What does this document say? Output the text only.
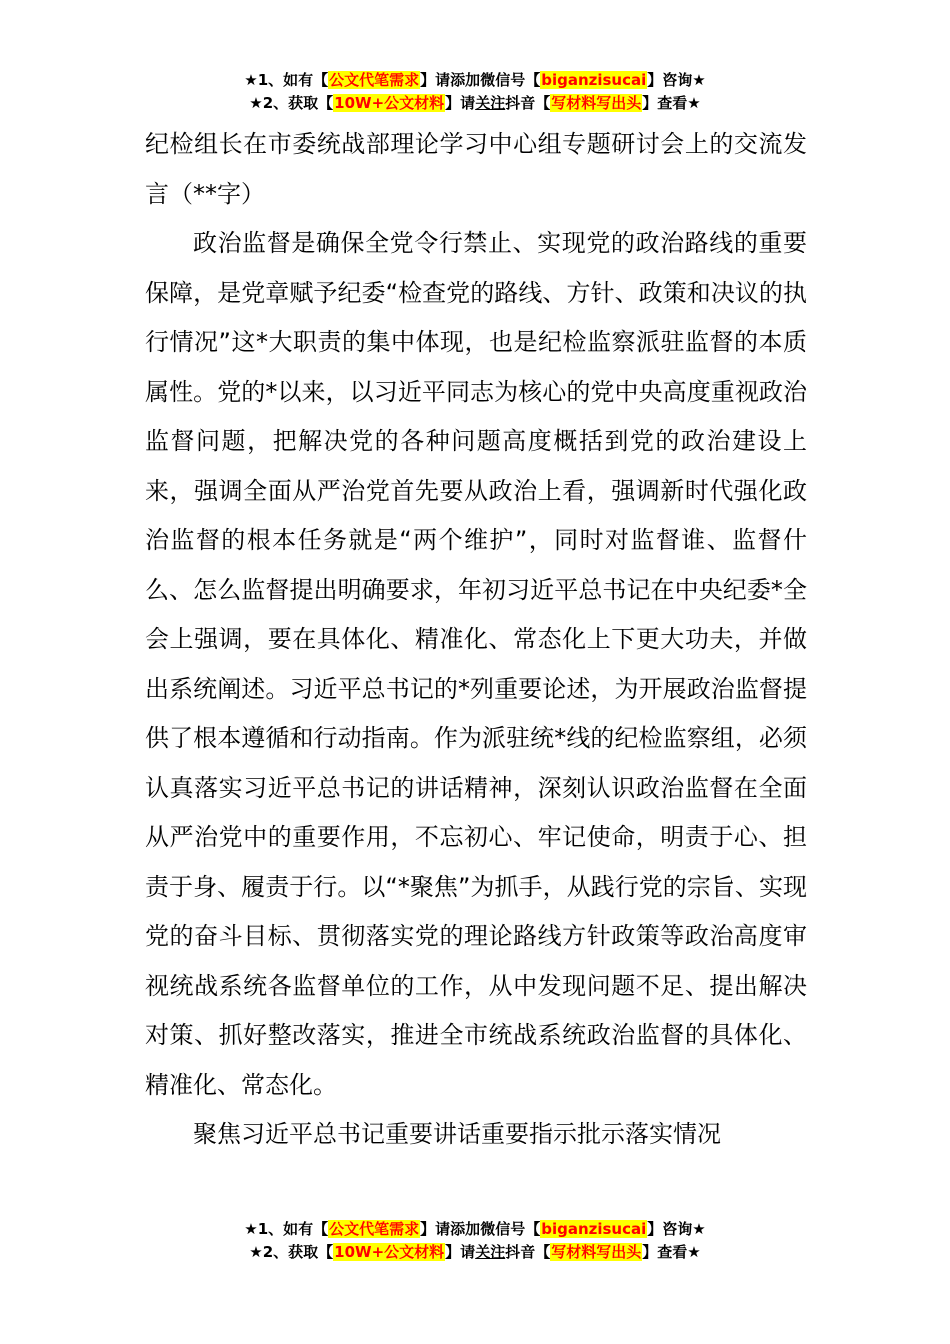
★1、如有【公文代笔需求】请添加微信号【biganzisucai】咨询★
★2、获取【10W+公文材料】请关注抖音【写材料写出头】查看★

纪检组长在市委统战部理论学习中心组专题研讨会上的交流发言（**字）

政治监督是确保全党令行禁止、实现党的政治路线的重要保障，是党章赋予纪委“检查党的路线、方针、政策和决议的执行情况”这*大职责的集中体现，也是纪检监察派驻监督的本质属性。党的*以来，以习近平同志为核心的党中央高度重视政治监督问题，把解决党的各种问题高度概括到党的政治建设上来，强调全面从严治党首先要从政治上看，强调新时代强化政治监督的根本任务就是“两个维护”，同时对监督谁、监督什么、怎么监督提出明确要求，年初习近平总书记在中央纪委*全会上强调，要在具体化、精准化、常态化上下更大功夫，并做出系统阐述。习近平总书记的*列重要论述，为开展政治监督提供了根本遵循和行动指南。作为派驻统*线的纪检监察组，必须认真落实习近平总书记的讲话精神，深刻认识政治监督在全面从严治党中的重要作用，不忘初心、牢记使命，明责于心、担责于身、履责于行。以“*聚焦”为抓手，从践行党的宗旨、实现党的奋斗目标、贯彻落实党的理论路线方针政策等政治高度审视统战系统各监督单位的工作，从中发现问题不足、提出解决对策、抓好整改落实，推进全市统战系统政治监督的具体化、精准化、常态化。

聚焦习近平总书记重要讲话重要指示批示落实情况

★1、如有【公文代笔需求】请添加微信号【biganzisucai】咨询★
★2、获取【10W+公文材料】请关注抖音【写材料写出头】查看★
